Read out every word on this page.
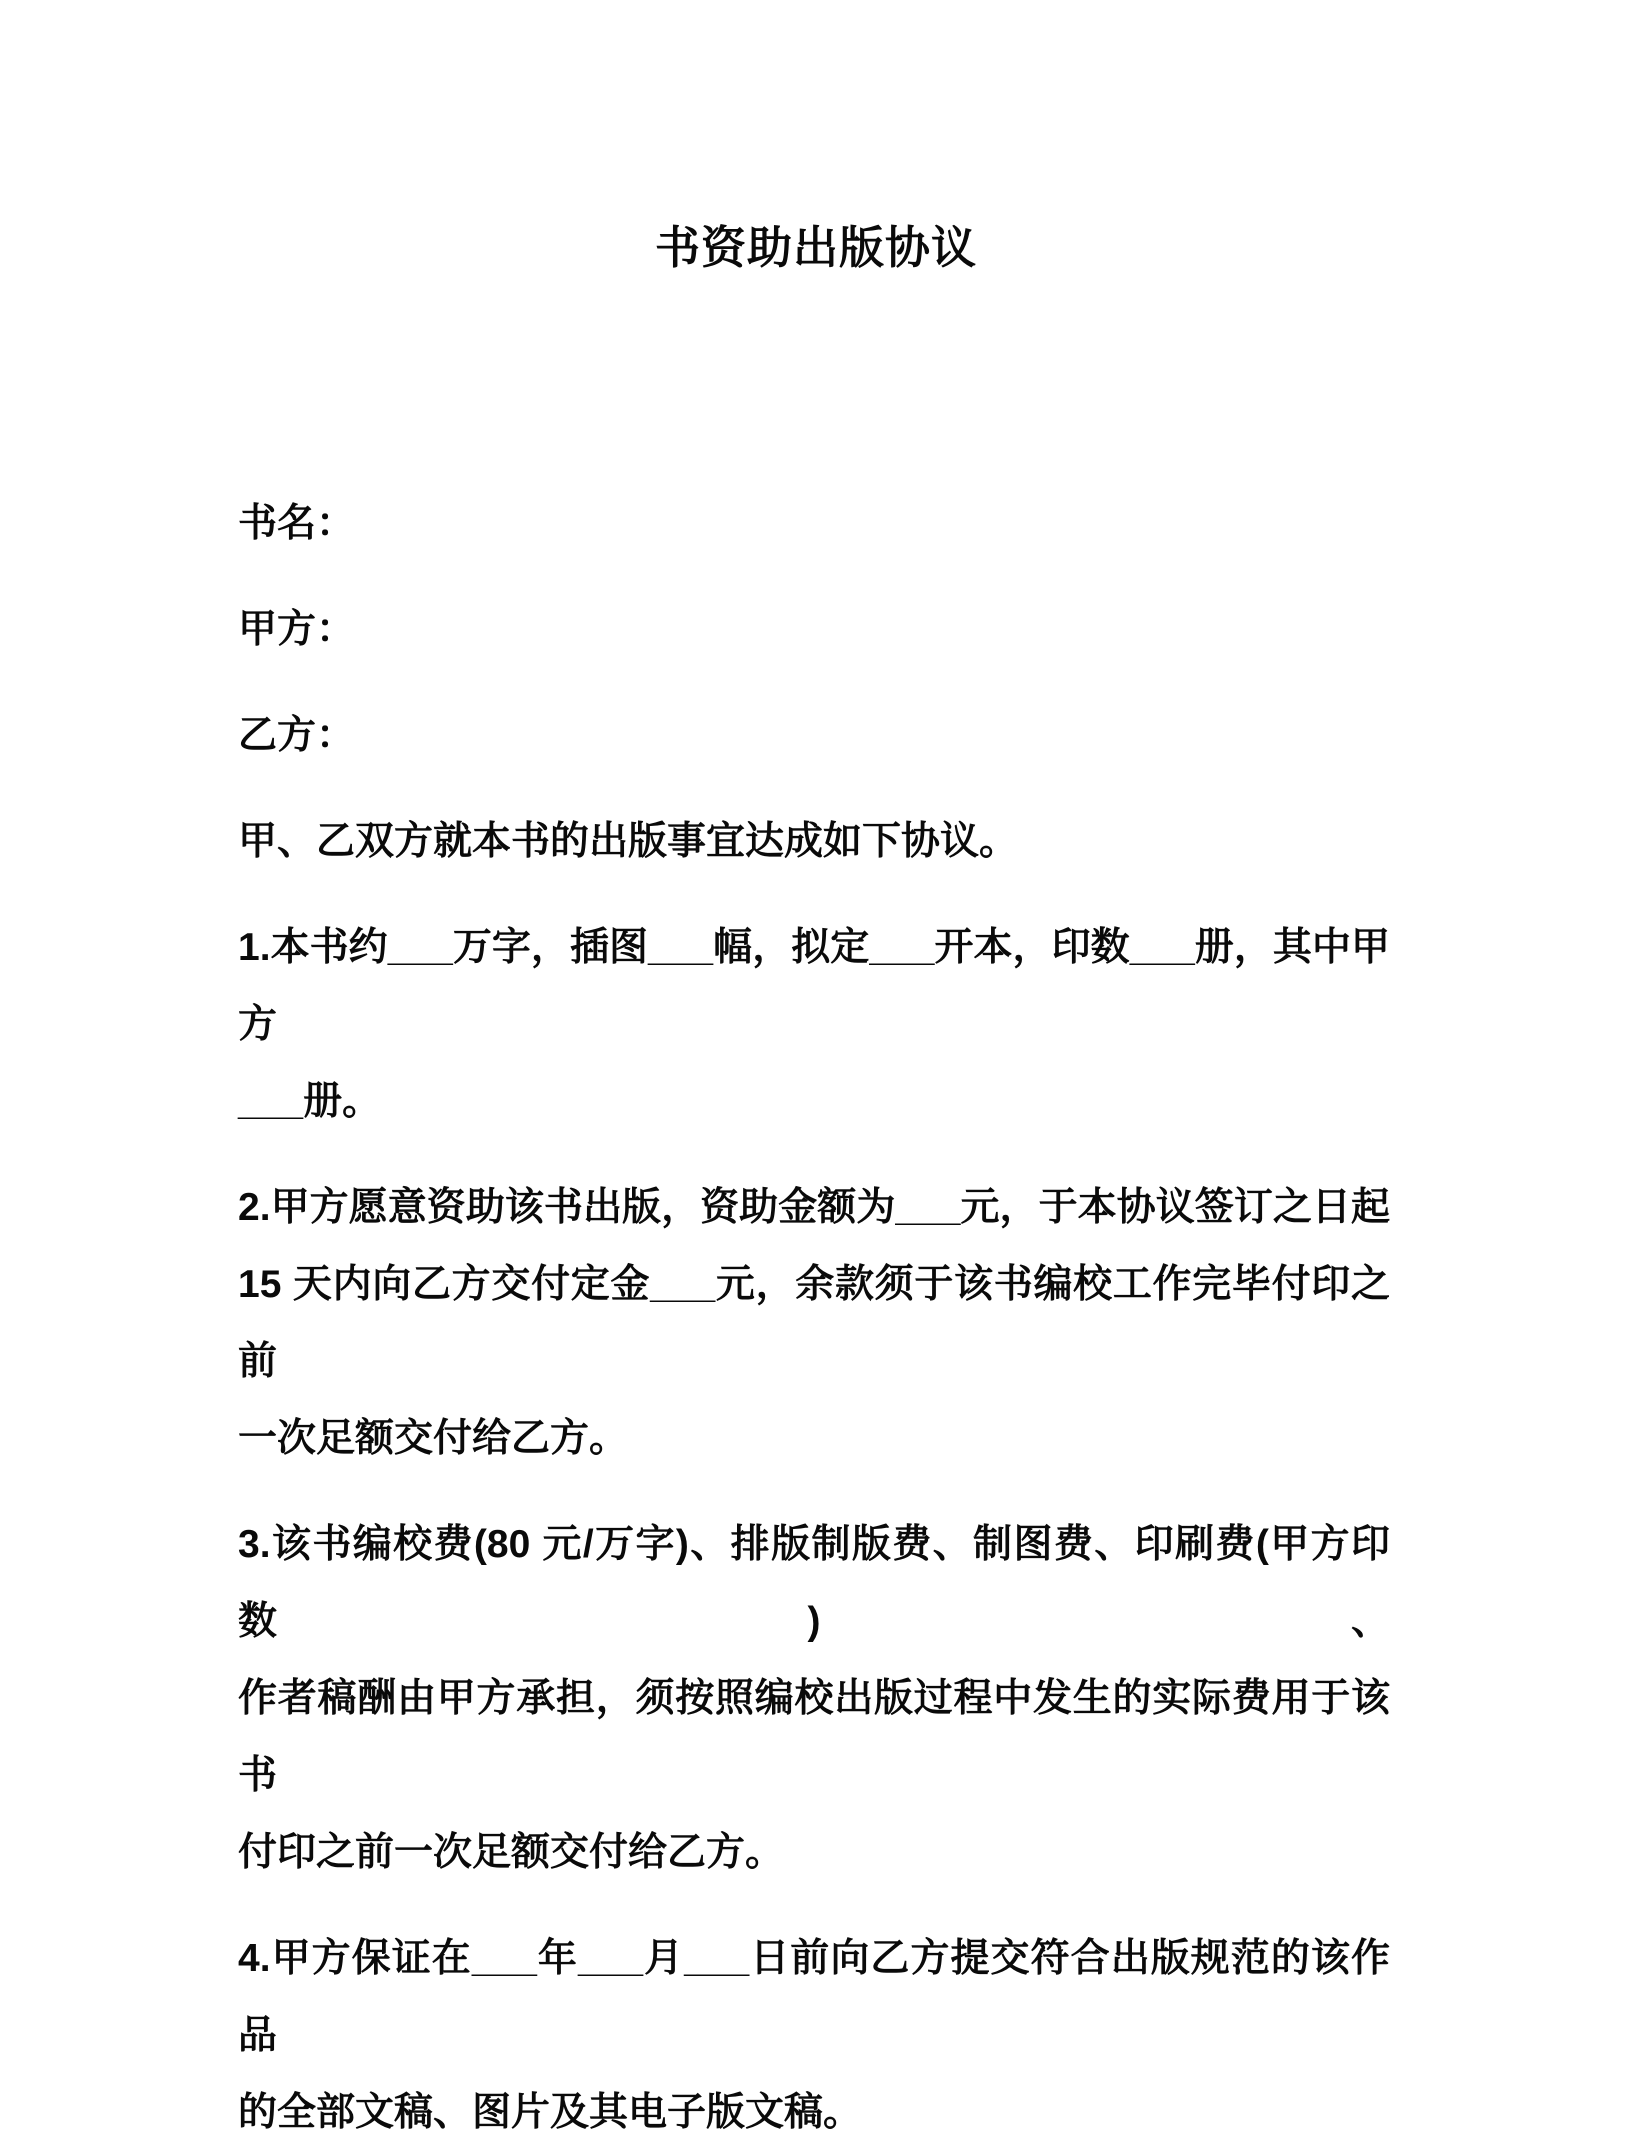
书资助出版协议
书名：
甲方：
乙方：
甲、乙双方就本书的出版事宜达成如下协议。
1.本书约___万字，插图___幅，拟定___开本，印数___册，其中甲方
___册。
2.甲方愿意资助该书出版，资助金额为___元，于本协议签订之日起
15 天内向乙方交付定金___元，余款须于该书编校工作完毕付印之前
一次足额交付给乙方。
3.该书编校费(80 元/万字)、排版制版费、制图费、印刷费(甲方印数)、
作者稿酬由甲方承担，须按照编校出版过程中发生的实际费用于该书
付印之前一次足额交付给乙方。
4.甲方保证在___年___月___日前向乙方提交符合出版规范的该作品
的全部文稿、图片及其电子版文稿。
